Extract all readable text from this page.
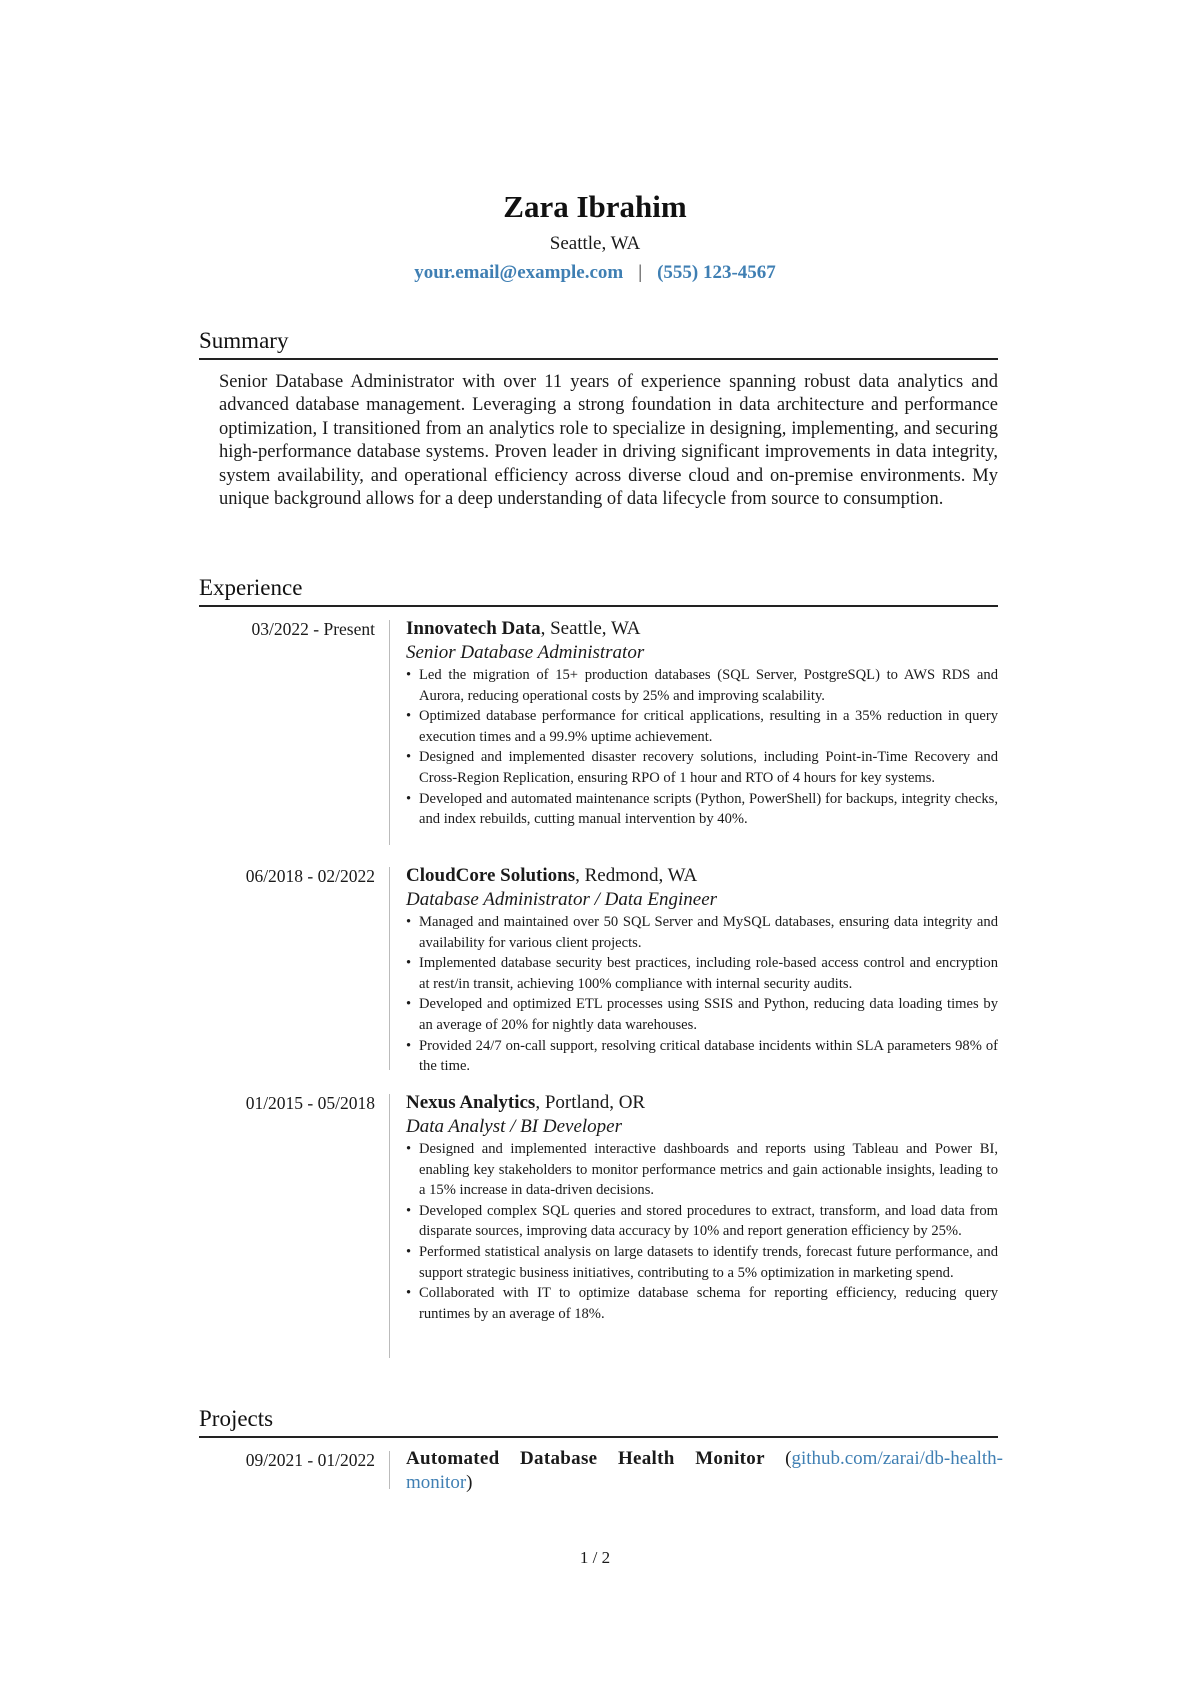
Zara Ibrahim
Seattle, WA
your.email@example.com | (555) 123-4567
Summary
Senior Database Administrator with over 11 years of experience spanning robust data analytics and advanced database management. Leveraging a strong foundation in data architecture and performance optimization, I transitioned from an analytics role to specialize in designing, implementing, and securing high-performance database systems. Proven leader in driving significant improvements in data integrity, system availability, and operational efficiency across diverse cloud and on-premise environments. My unique background allows for a deep understanding of data lifecycle from source to consumption.
Experience
03/2022 - Present Innovatech Data, Seattle, WA
Senior Database Administrator
• Led the migration of 15+ production databases (SQL Server, PostgreSQL) to AWS RDS and Aurora, reducing operational costs by 25% and improving scalability.
• Optimized database performance for critical applications, resulting in a 35% reduction in query execution times and a 99.9% uptime achievement.
• Designed and implemented disaster recovery solutions, including Point-in-Time Recovery and Cross-Region Replication, ensuring RPO of 1 hour and RTO of 4 hours for key systems.
• Developed and automated maintenance scripts (Python, PowerShell) for backups, integrity checks, and index rebuilds, cutting manual intervention by 40%.
06/2018 - 02/2022 CloudCore Solutions, Redmond, WA
Database Administrator / Data Engineer
• Managed and maintained over 50 SQL Server and MySQL databases, ensuring data integrity and availability for various client projects.
• Implemented database security best practices, including role-based access control and encryption at rest/in transit, achieving 100% compliance with internal security audits.
• Developed and optimized ETL processes using SSIS and Python, reducing data loading times by an average of 20% for nightly data warehouses.
• Provided 24/7 on-call support, resolving critical database incidents within SLA parameters 98% of the time.
01/2015 - 05/2018 Nexus Analytics, Portland, OR
Data Analyst / BI Developer
• Designed and implemented interactive dashboards and reports using Tableau and Power BI, enabling key stakeholders to monitor performance metrics and gain actionable insights, leading to a 15% increase in data-driven decisions.
• Developed complex SQL queries and stored procedures to extract, transform, and load data from disparate sources, improving data accuracy by 10% and report generation efficiency by 25%.
• Performed statistical analysis on large datasets to identify trends, forecast future performance, and support strategic business initiatives, contributing to a 5% optimization in marketing spend.
• Collaborated with IT to optimize database schema for reporting efficiency, reducing query runtimes by an average of 18%.
Projects
09/2021 - 01/2022 Automated Database Health Monitor (github.com/zarai/db-health-monitor)
1 / 2
